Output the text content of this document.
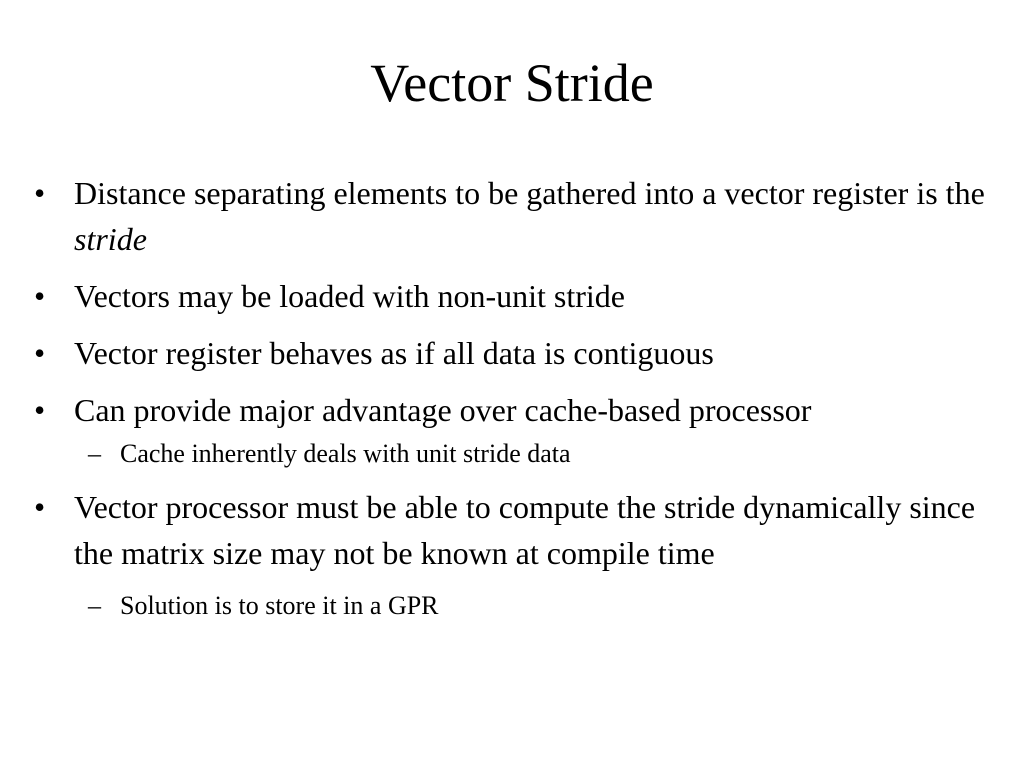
Vector Stride
• Distance separating elements to be gathered into a vector register is the stride
• Vectors may be loaded with non-unit stride
• Vector register behaves as if all data is contiguous
• Can provide major advantage over cache-based processor
– Cache inherently deals with unit stride data
• Vector processor must be able to compute the stride dynamically since the matrix size may not be known at compile time
– Solution is to store it in a GPR
